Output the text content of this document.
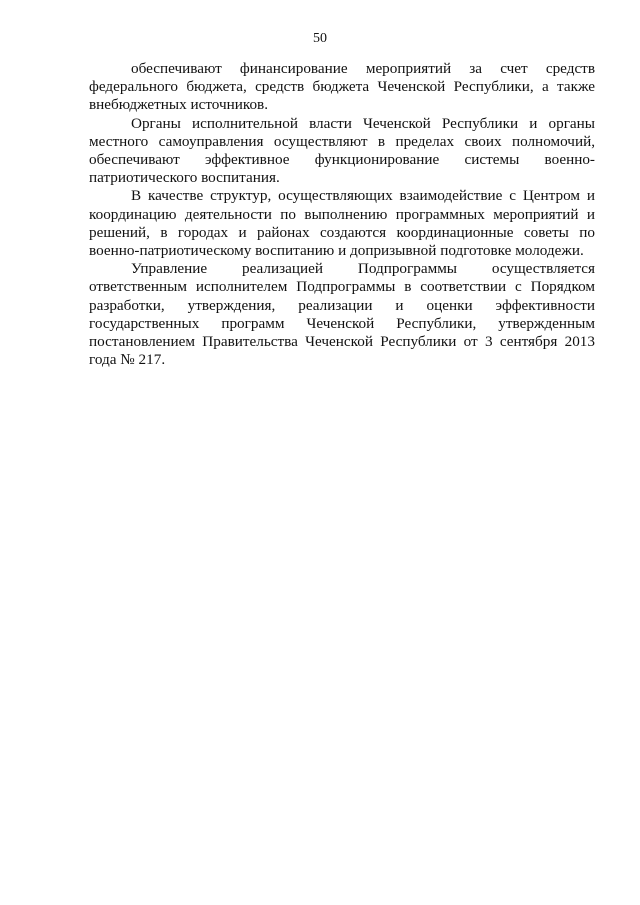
50

обеспечивают финансирование мероприятий за счет средств федерального бюджета, средств бюджета Чеченской Республики, а также внебюджетных источников.

Органы исполнительной власти Чеченской Республики и органы местного самоуправления осуществляют в пределах своих полномочий, обеспечивают эффективное функционирование системы военно-патриотического воспитания.

В качестве структур, осуществляющих взаимодействие с Центром и координацию деятельности по выполнению программных мероприятий и решений, в городах и районах создаются координационные советы по военно-патриотическому воспитанию и допризывной подготовке молодежи.

Управление реализацией Подпрограммы осуществляется ответственным исполнителем Подпрограммы в соответствии с Порядком разработки, утверждения, реализации и оценки эффективности государственных программ Чеченской Республики, утвержденным постановлением Правительства Чеченской Республики от 3 сентября 2013 года № 217.
